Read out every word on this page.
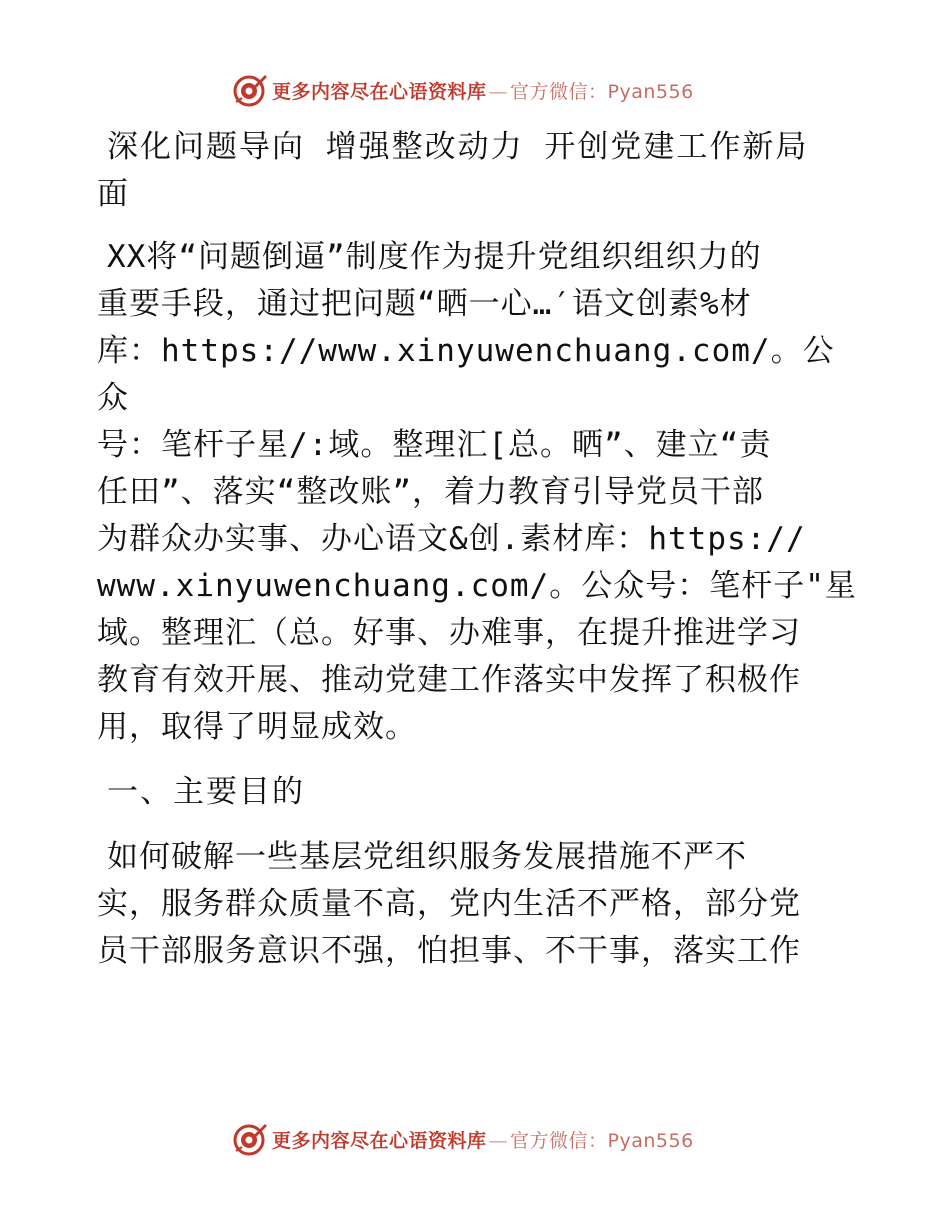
更多内容尽在心语资料库 — 官方微信：Pyan556
深化问题导向 增强整改动力 开创党建工作新局
面
XX将“问题倒逼”制度作为提升党组织组织力的
重要手段，通过把问题“晒一心…′语文创素%材
库：https://www.xinyuwenchuang.com/。公众
号：笔杆子星/:域。整理汇[总。晒”、建立“责
任田”、落实“整改账”，着力教育引导党员干部
为群众办实事、办心语文&创.素材库：https://
www.xinyuwenchuang.com/。公众号：笔杆子"星
域。整理汇（总。好事、办难事，在提升推进学习
教育有效开展、推动党建工作落实中发挥了积极作
用，取得了明显成效。
一、主要目的
如何破解一些基层党组织服务发展措施不严不
实，服务群众质量不高，党内生活不严格，部分党
员干部服务意识不强，怕担事、不干事，落实工作
更多内容尽在心语资料库 — 官方微信：Pyan556
